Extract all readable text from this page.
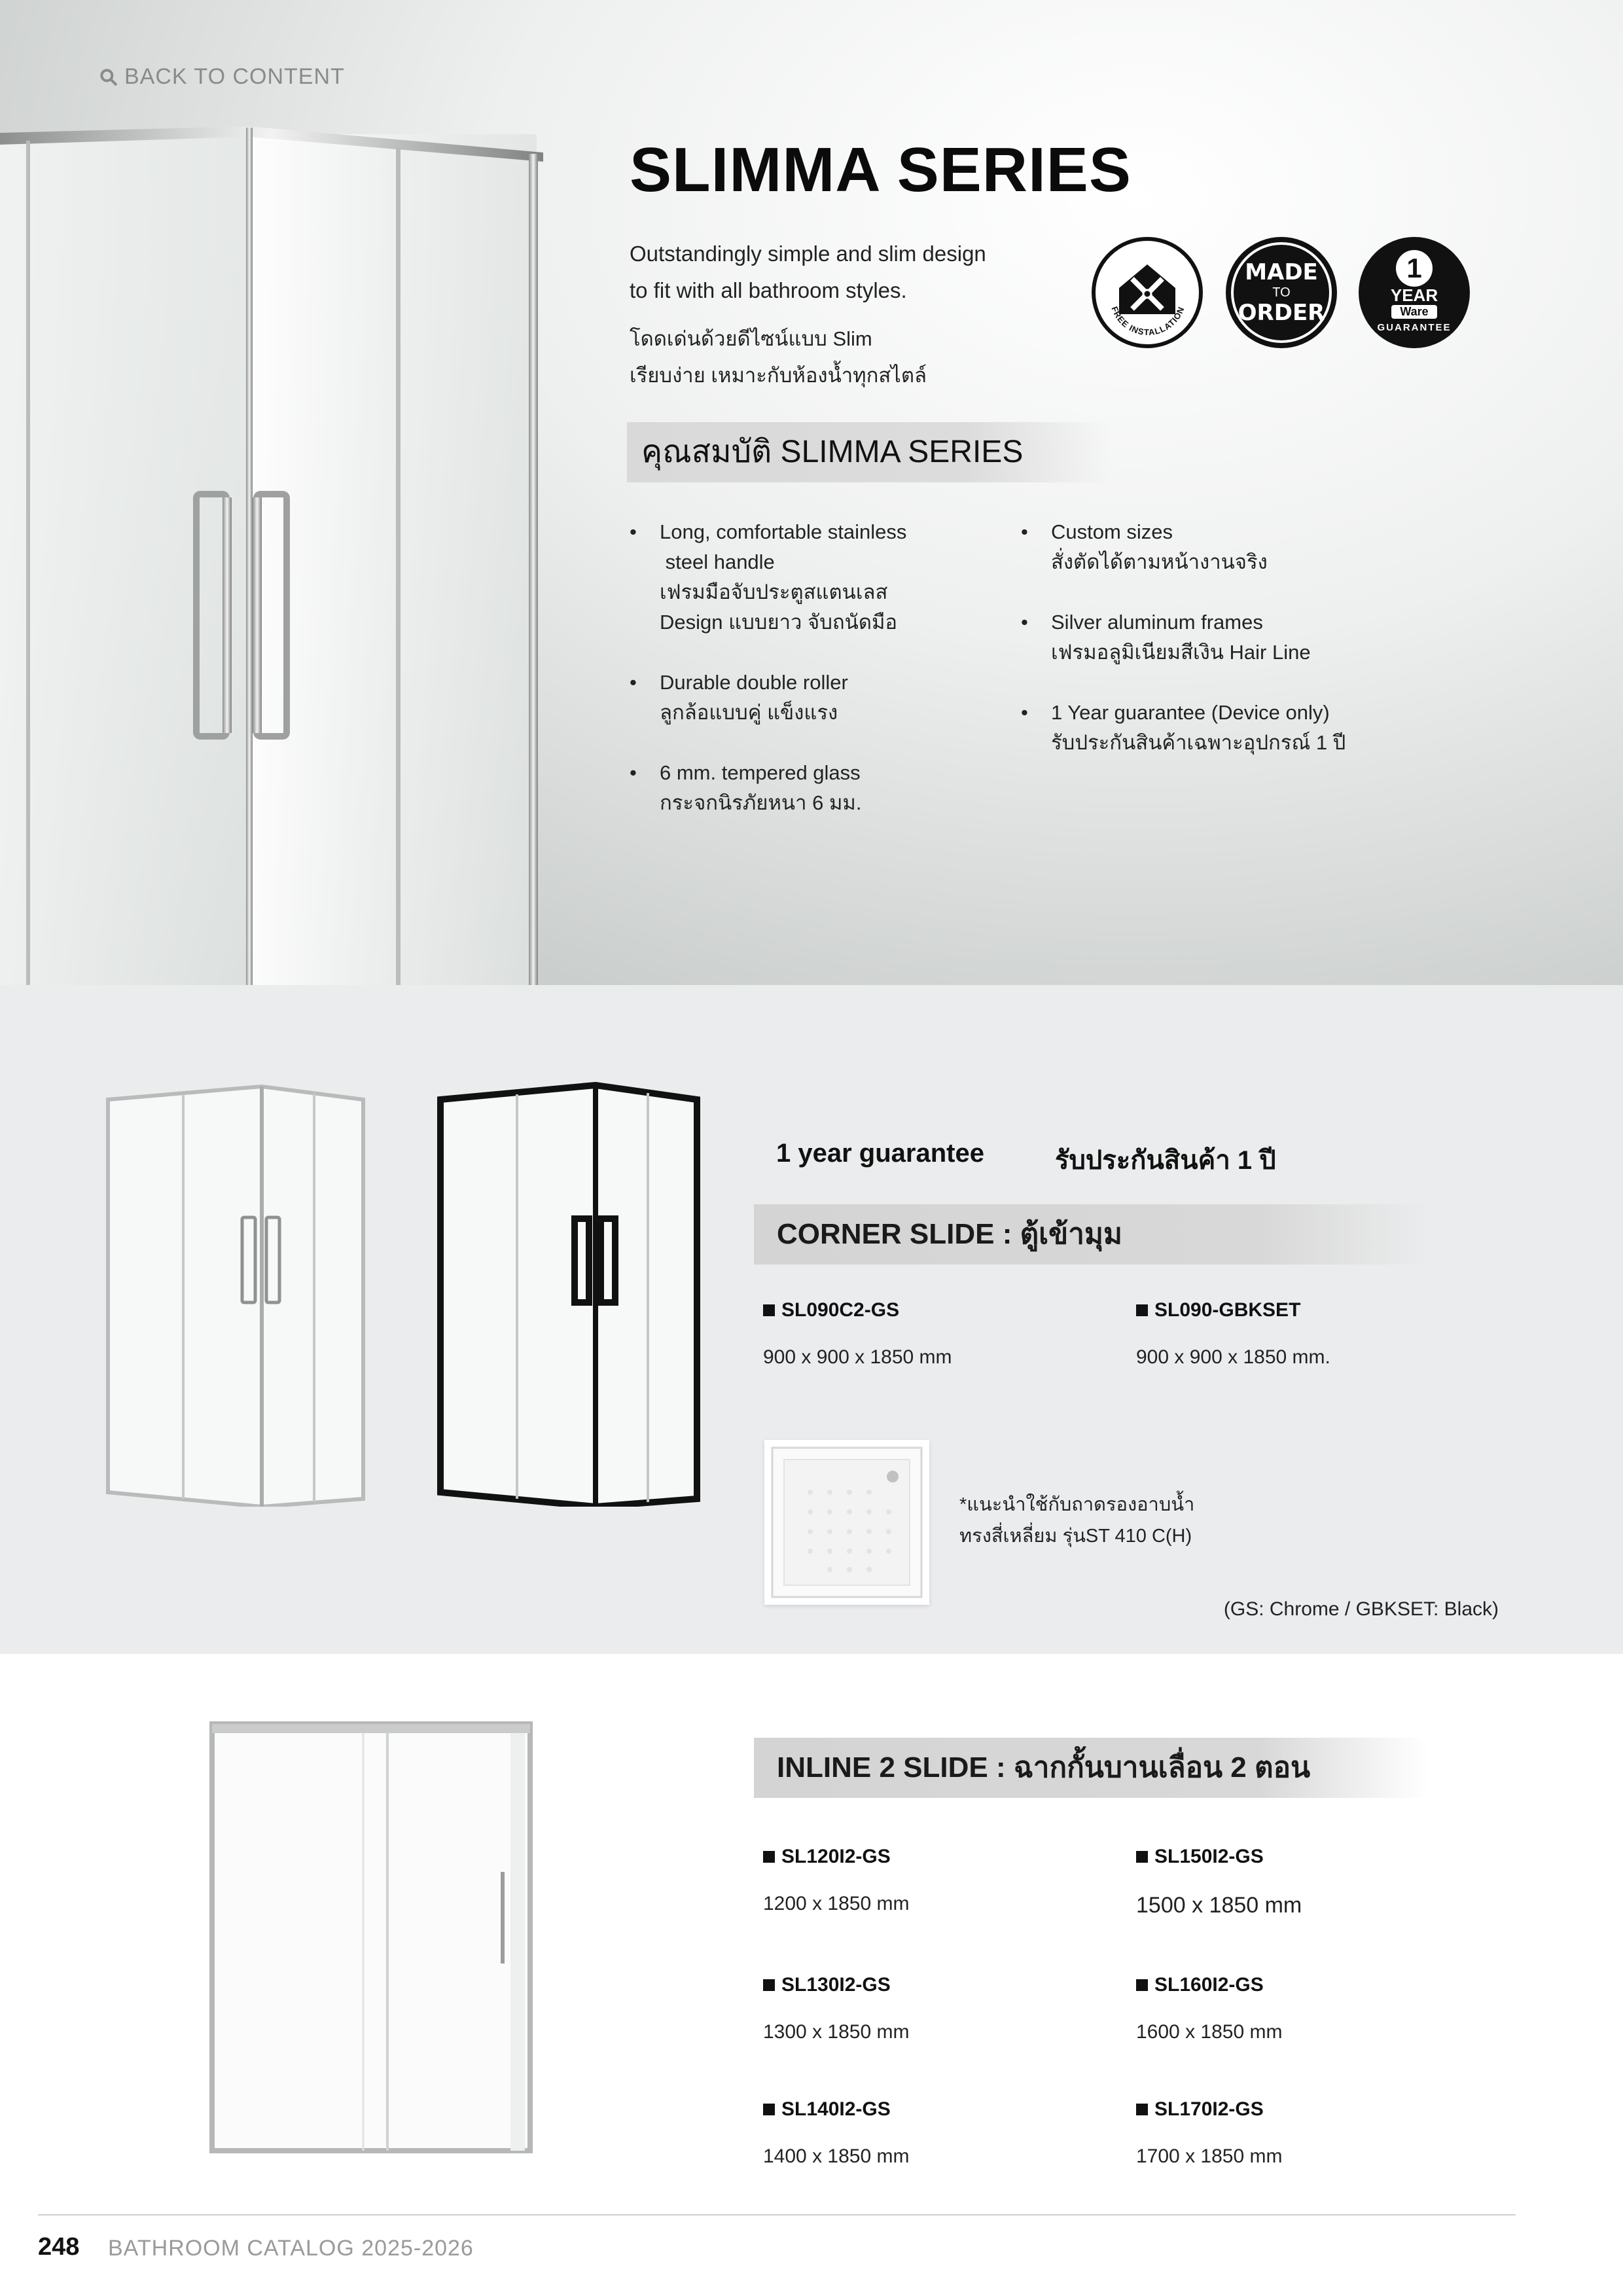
BACK TO CONTENT
SLIMMA SERIES
Outstandingly simple and slim design
to fit with all bathroom styles.
โดดเด่นด้วยดีไซน์แบบ Slim
เรียบง่าย เหมาะกับห้องน้ำทุกสไตล์
FREE INSTALLATION
MADE
TO
ORDER
1
YEAR
Ware
GUARANTEE
คุณสมบัติ SLIMMA SERIES
• Long, comfortable stainless
steel handle
เฟรมมือจับประตูสแตนเลส
Design แบบยาว จับถนัดมือ
• Durable double roller
ลูกล้อแบบคู่ แข็งแรง
• 6 mm. tempered glass
กระจกนิรภัยหนา 6 มม.
• Custom sizes
สั่งตัดได้ตามหน้างานจริง
• Silver aluminum frames
เฟรมอลูมิเนียมสีเงิน Hair Line
• 1 Year guarantee (Device only)
รับประกันสินค้าเฉพาะอุปกรณ์ 1 ปี
1 year guarantee	รับประกันสินค้า 1 ปี
CORNER SLIDE : ตู้เข้ามุม
SL090C2-GS
900 x 900 x 1850 mm
SL090-GBKSET
900 x 900 x 1850 mm.
*แนะนำใช้กับถาดรองอาบน้ำ
ทรงสี่เหลี่ยม รุ่นST 410 C(H)
(GS: Chrome / GBKSET: Black)
INLINE 2 SLIDE : ฉากกั้นบานเลื่อน 2 ตอน
SL120I2-GS
1200 x 1850 mm
SL150I2-GS
1500 x 1850 mm
SL130I2-GS
1300 x 1850 mm
SL160I2-GS
1600 x 1850 mm
SL140I2-GS
1400 x 1850 mm
SL170I2-GS
1700 x 1850 mm
248 BATHROOM CATALOG 2025-2026
